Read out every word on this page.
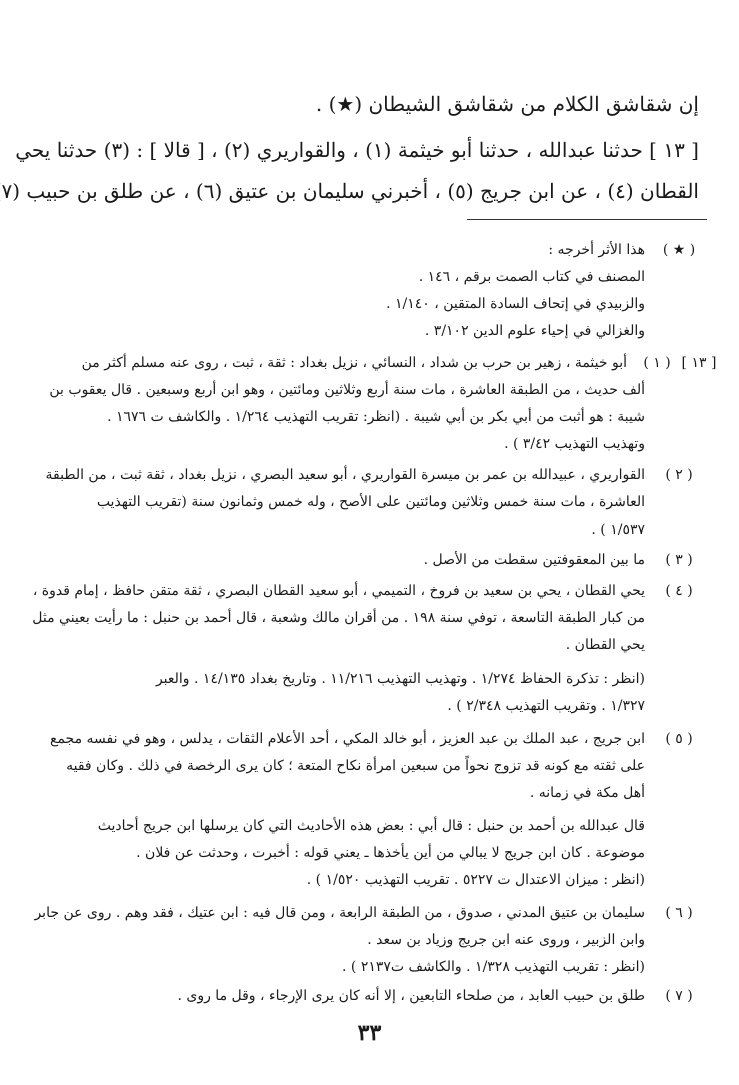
إن شقاشق الكلام من شقاشق الشيطان (★) .
[ ١٣ ] حدثنا عبدالله ، حدثنا أبو خيثمة (١) ، والقواريري (٢) ، [ قالا ] : (٣) حدثنا يحي
القطان (٤) ، عن ابن جريج (٥) ، أخبرني سليمان بن عتيق (٦) ، عن طلق بن حبيب (٧
( ★ )
هذا الأثر أخرجه :
المصنف في كتاب الصمت برقم ، ١٤٦ .
والزبيدي في إتحاف السادة المتقين ، ١/١٤٠ .
والغزالي في إحياء علوم الدين ٣/١٠٢ .
[ ١٣ ]
( ١ )
أبو خيثمة ، زهير بن حرب بن شداد ، النسائي ، نزيل بغداد : ثقة ، ثبت ، روى عنه مسلم أكثر من
ألف حديث ، من الطبقة العاشرة ، مات سنة أربع وثلاثين ومائتين ، وهو ابن أربع وسبعين . قال يعقوب بن
شيبة : هو أثبت من أبي بكر بن أبي شيبة . (انظر: تقريب التهذيب ١/٢٦٤ . والكاشف ت ١٦٧٦ .
وتهذيب التهذيب ٣/٤٢ ) .
( ٢ )
القواريري ، عبيدالله بن عمر بن ميسرة القواريري ، أبو سعيد البصري ، نزيل بغداد ، ثقة ثبت ، من الطبقة
العاشرة ، مات سنة خمس وثلاثين ومائتين على الأصح ، وله خمس وثمانون سنة (تقريب التهذيب
١/٥٣٧ ) .
( ٣ )
ما بين المعقوفتين سقطت من الأصل .
( ٤ )
يحي القطان ، يحي بن سعيد بن فروخ ، التميمي ، أبو سعيد القطان البصري ، ثقة متقن حافظ ، إمام قدوة ،
من كبار الطبقة التاسعة ، توفي سنة ١٩٨ . من أقران مالك وشعبة ، قال أحمد بن حنبل : ما رأيت بعيني مثل
يحي القطان .
(انظر : تذكرة الحفاظ ١/٢٧٤ . وتهذيب التهذيب ١١/٢١٦ . وتاريخ بغداد ١٤/١٣٥ . والعبر
١/٣٢٧ . وتقريب التهذيب ٢/٣٤٨ ) .
( ٥ )
ابن جريج ، عبد الملك بن عبد العزيز ، أبو خالد المكي ، أحد الأعلام الثقات ، يدلس ، وهو في نفسه مجمع
على ثقته مع كونه قد تزوج نحواً من سبعين امرأة نكاح المتعة ؛ كان يرى الرخصة في ذلك . وكان فقيه
أهل مكة في زمانه .
قال عبدالله بن أحمد بن حنبل : قال أبي : بعض هذه الأحاديث التي كان يرسلها ابن جريج أحاديث
موضوعة . كان ابن جريج لا يبالي من أين يأخذها ـ يعني قوله : أخبرت ، وحدثت عن فلان .
(انظر : ميزان الاعتدال ت ٥٢٢٧ . تقريب التهذيب ١/٥٢٠ ) .
( ٦ )
سليمان بن عتيق المدني ، صدوق ، من الطبقة الرابعة ، ومن قال فيه : ابن عتيك ، فقد وهم . روى عن جابر
وابن الزبير ، وروى عنه ابن جريج وزياد بن سعد .
(انظر : تقريب التهذيب ١/٣٢٨ . والكاشف ت٢١٣٧ ) .
( ٧ )
طلق بن حبيب العابد ، من صلحاء التابعين ، إلا أنه كان يرى الإرجاء ، وقل ما روى .
٣٣
